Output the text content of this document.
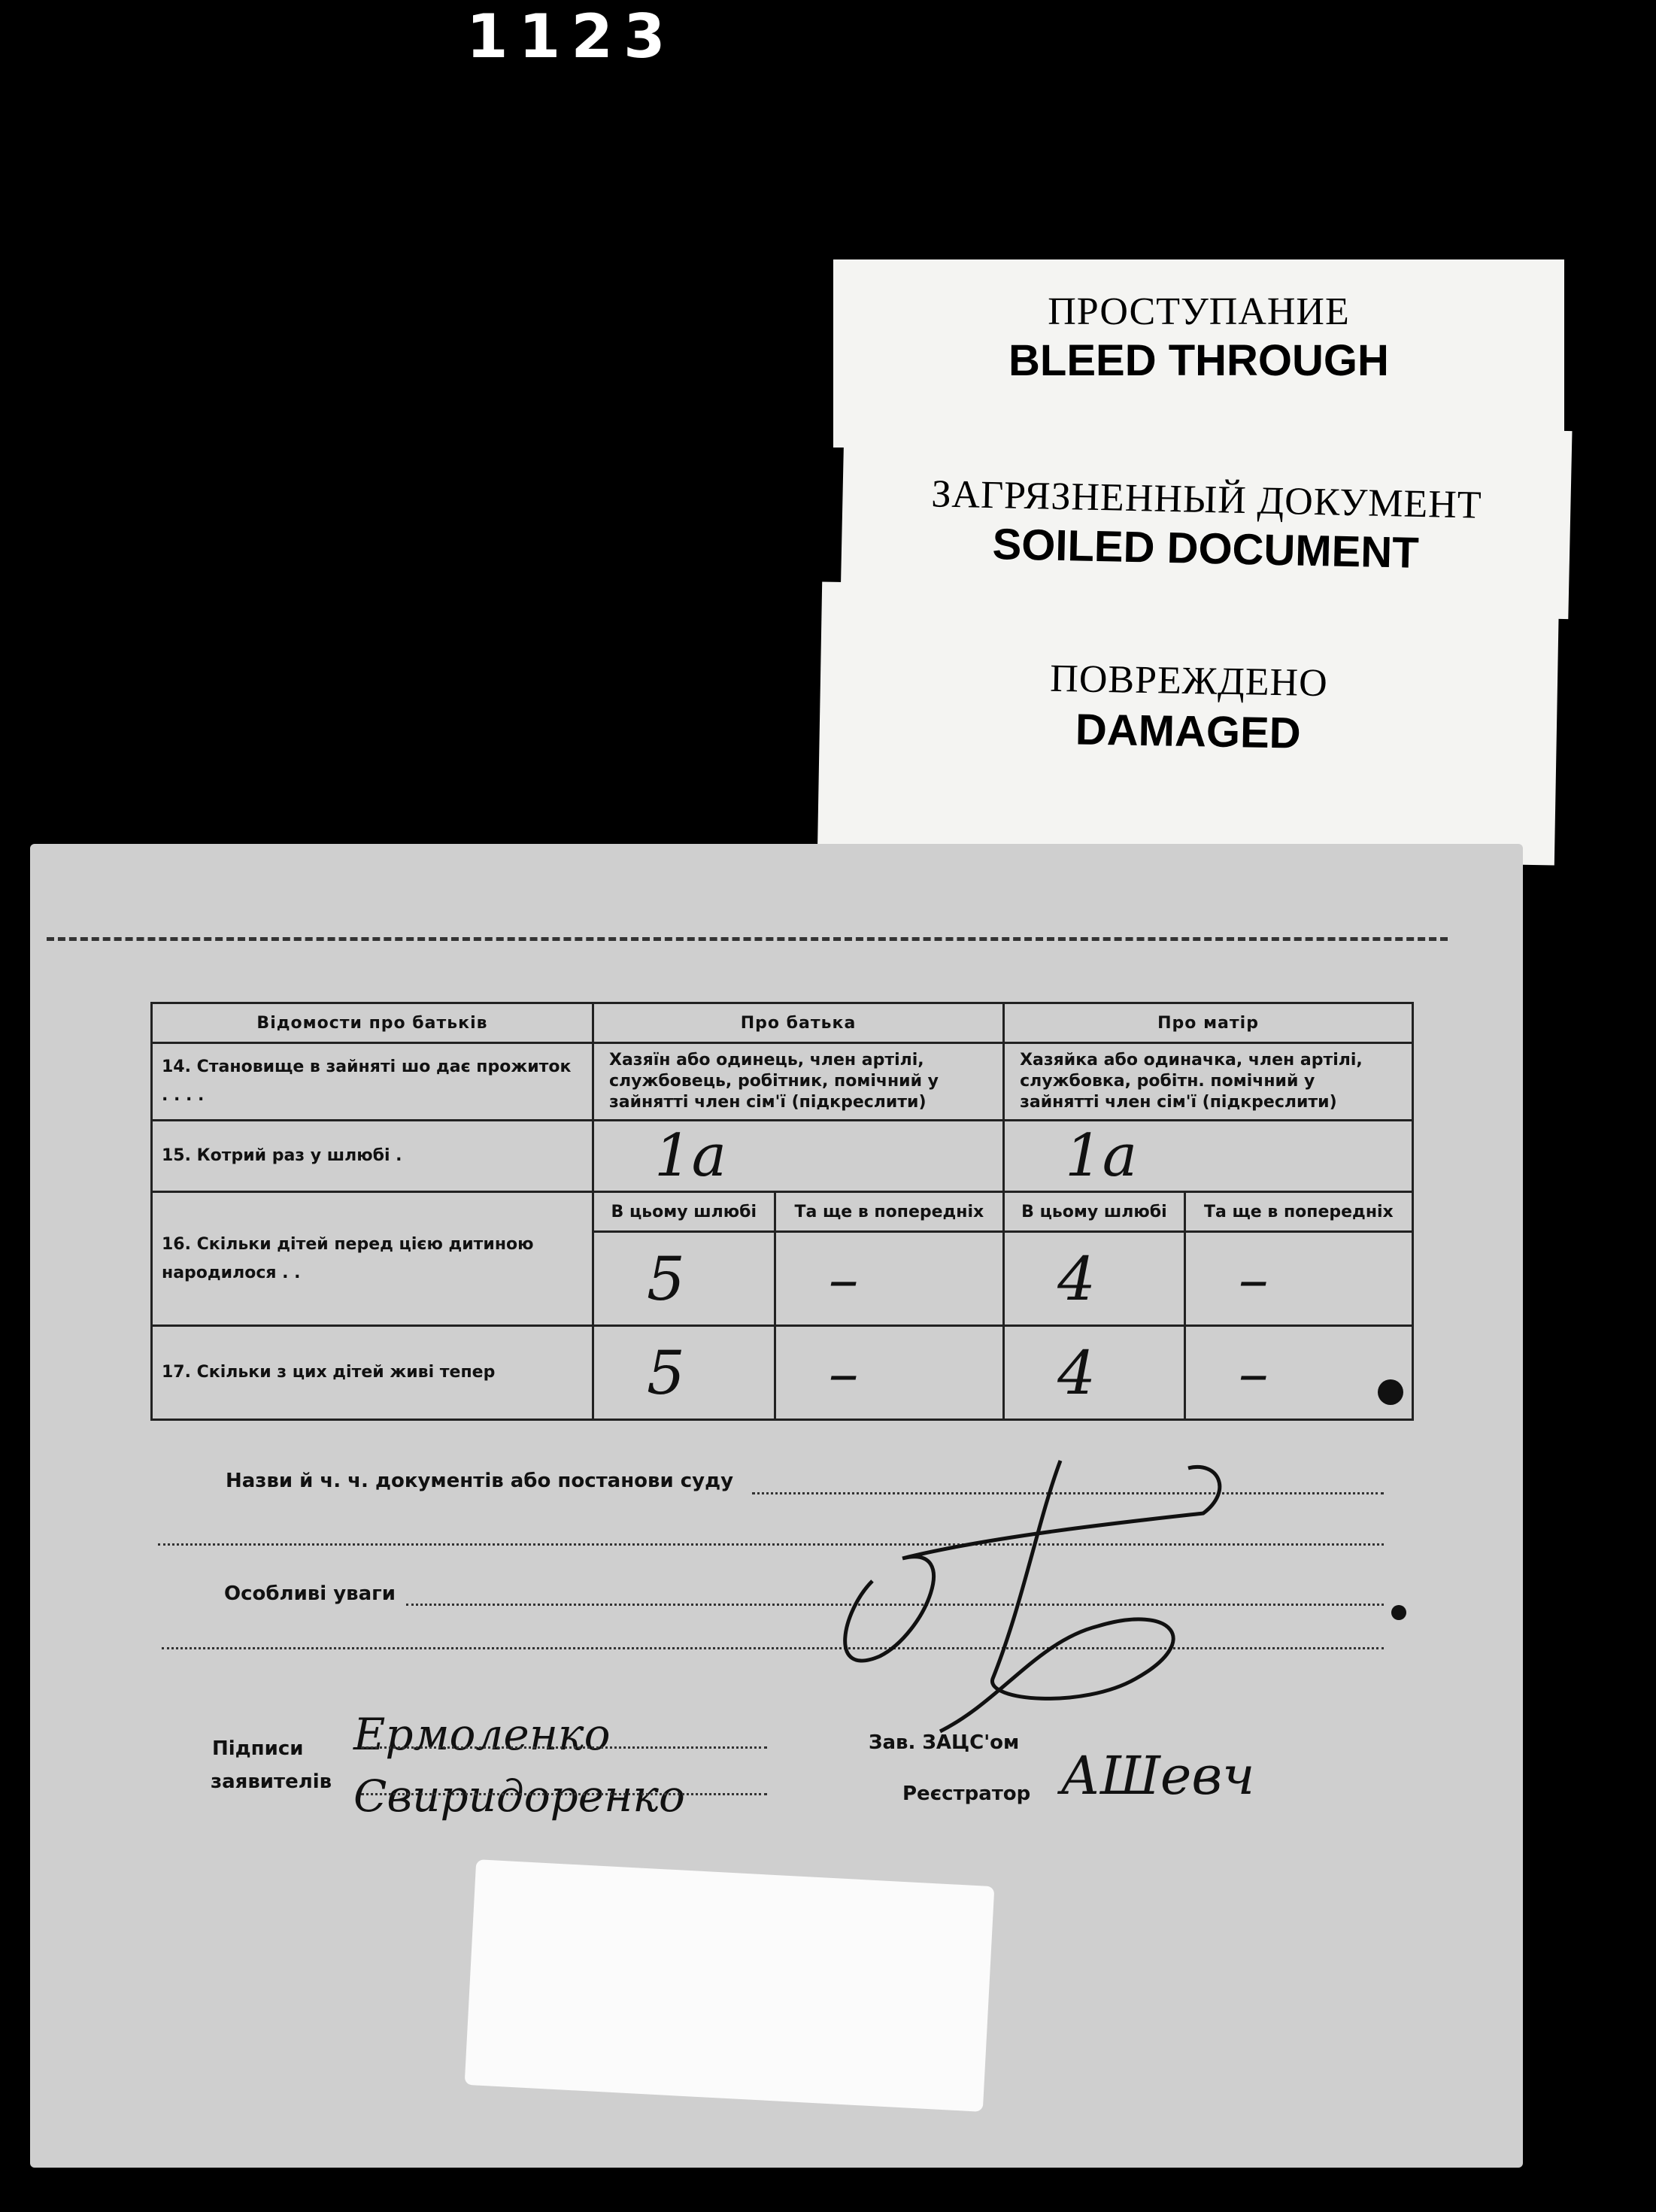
1123
ПРОСТУПАНИЕ
BLEED THROUGH
ЗАГРЯЗНЕННЫЙ ДОКУМЕНТ
SOILED DOCUMENT
ПОВРЕЖДЕНО
DAMAGED
Відомости про батьків	Про батька		Про матір	
14. Становище в зайняті шо дає прожиток . . . .	Хазяїн або одинець, член артілі, службовець, робітник, помічний у зайнятті член сім'ї (підкреслити)		Хазяйка або одиначка, член артілі, службовка, робітн. помічний у зайнятті член сім'ї (підкреслити)	
15. Котрий раз у шлюбі .	1а		1а	
16. Скільки дітей перед цією дитиною народилося . .	В цьому шлюбі	Та ще в попередніх	В цьому шлюбі	Та ще в попередніх
	5	–	4	–
17. Скільки з цих дітей живі тепер	5	–	4	–
Назви й ч. ч. документів або постанови суду
Особливі уваги
Підписи
заявителів
Ермоленко
Свиридоренко
Зав. ЗАЦС'ом
Реєстратор АШевч
